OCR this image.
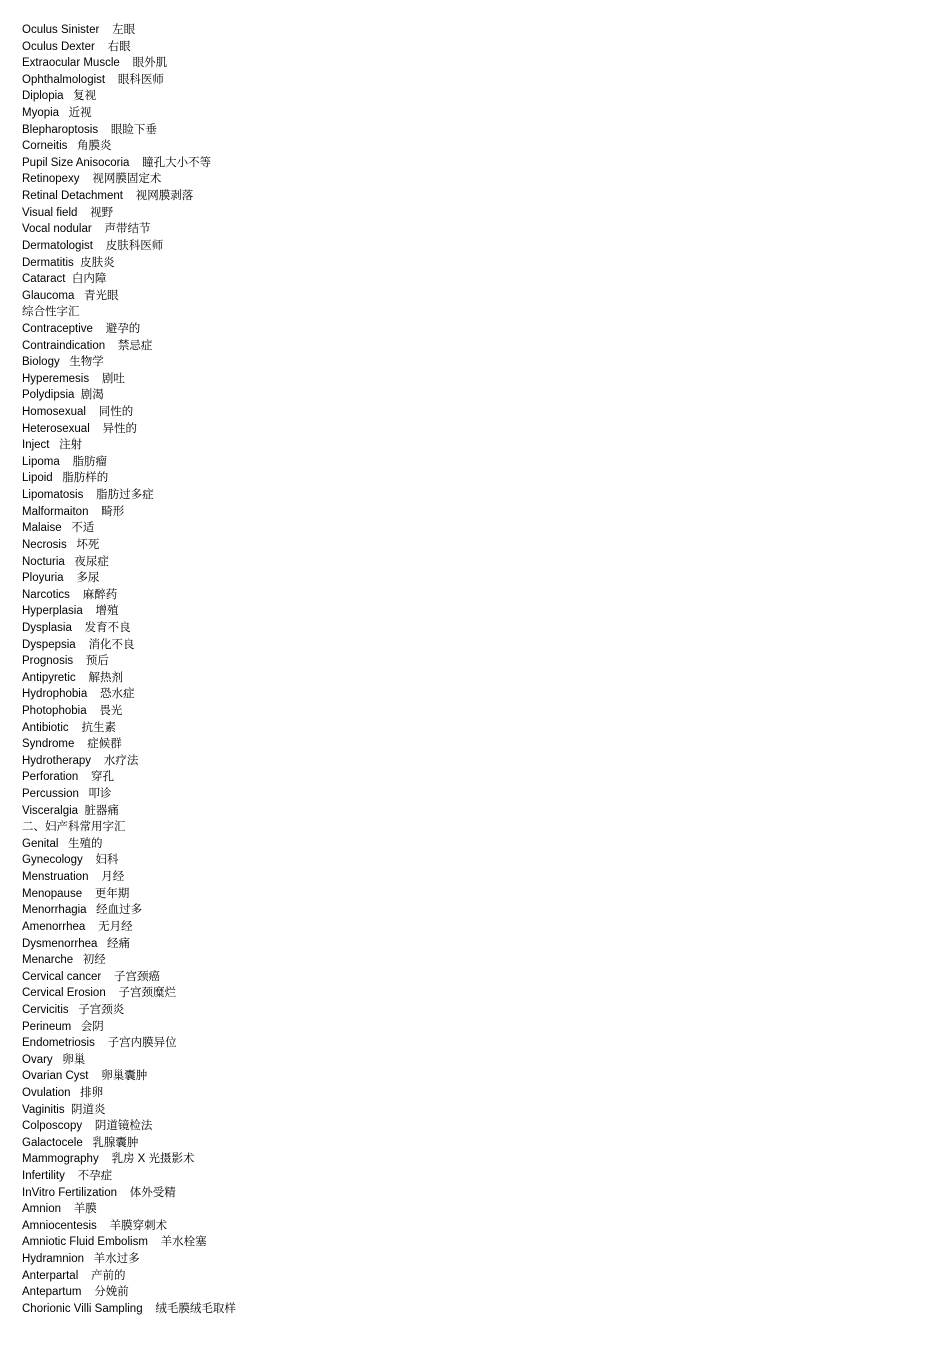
Oculus Sinister    左眼
Oculus Dexter    右眼
Extraocular Muscle    眼外肌
Ophthalmologist    眼科医师
Diplopia   复视
Myopia   近视
Blepharoptosis    眼睑下垂
Corneitis   角膜炎
Pupil Size Anisocoria    瞳孔大小不等
Retinopexy    视网膜固定术
Retinal Detachment    视网膜剥落
Visual field    视野
Vocal nodular    声带结节
Dermatologist    皮肤科医师
Dermatitis  皮肤炎
Cataract  白内障
Glaucoma   青光眼
综合性字汇
Contraceptive    避孕的
Contraindication    禁忌症
Biology   生物学
Hyperemesis    剧吐
Polydipsia  剧渴
Homosexual    同性的
Heterosexual    异性的
Inject   注射
Lipoma    脂肪瘤
Lipoid   脂肪样的
Lipomatosis    脂肪过多症
Malformaiton    畸形
Malaise   不适
Necrosis   坏死
Nocturia   夜尿症
Ployuria    多尿
Narcotics    麻醉药
Hyperplasia    增殖
Dysplasia    发育不良
Dyspepsia    消化不良
Prognosis    预后
Antipyretic    解热剂
Hydrophobia    恐水症
Photophobia    畏光
Antibiotic    抗生素
Syndrome    症候群
Hydrotherapy    水疗法
Perforation    穿孔
Percussion   叩诊
Visceralgia  脏器痛
二、妇产科常用字汇
Genital   生殖的
Gynecology    妇科
Menstruation    月经
Menopause    更年期
Menorrhagia   经血过多
Amenorrhea    无月经
Dysmenorrhea   经痛
Menarche   初经
Cervical cancer    子宫颈癌
Cervical Erosion    子宫颈糜烂
Cervicitis   子宫颈炎
Perineum   会阴
Endometriosis    子宫内膜异位
Ovary   卵巢
Ovarian Cyst    卵巢囊肿
Ovulation   排卵
Vaginitis  阴道炎
Colposcopy    阴道镜检法
Galactocele   乳腺囊肿
Mammography    乳房 X 光摄影术
Infertility    不孕症
InVitro Fertilization    体外受精
Amnion    羊膜
Amniocentesis    羊膜穿刺术
Amniotic Fluid Embolism    羊水栓塞
Hydramnion   羊水过多
Anterpartal    产前的
Antepartum    分娩前
Chorionic Villi Sampling    绒毛膜绒毛取样
